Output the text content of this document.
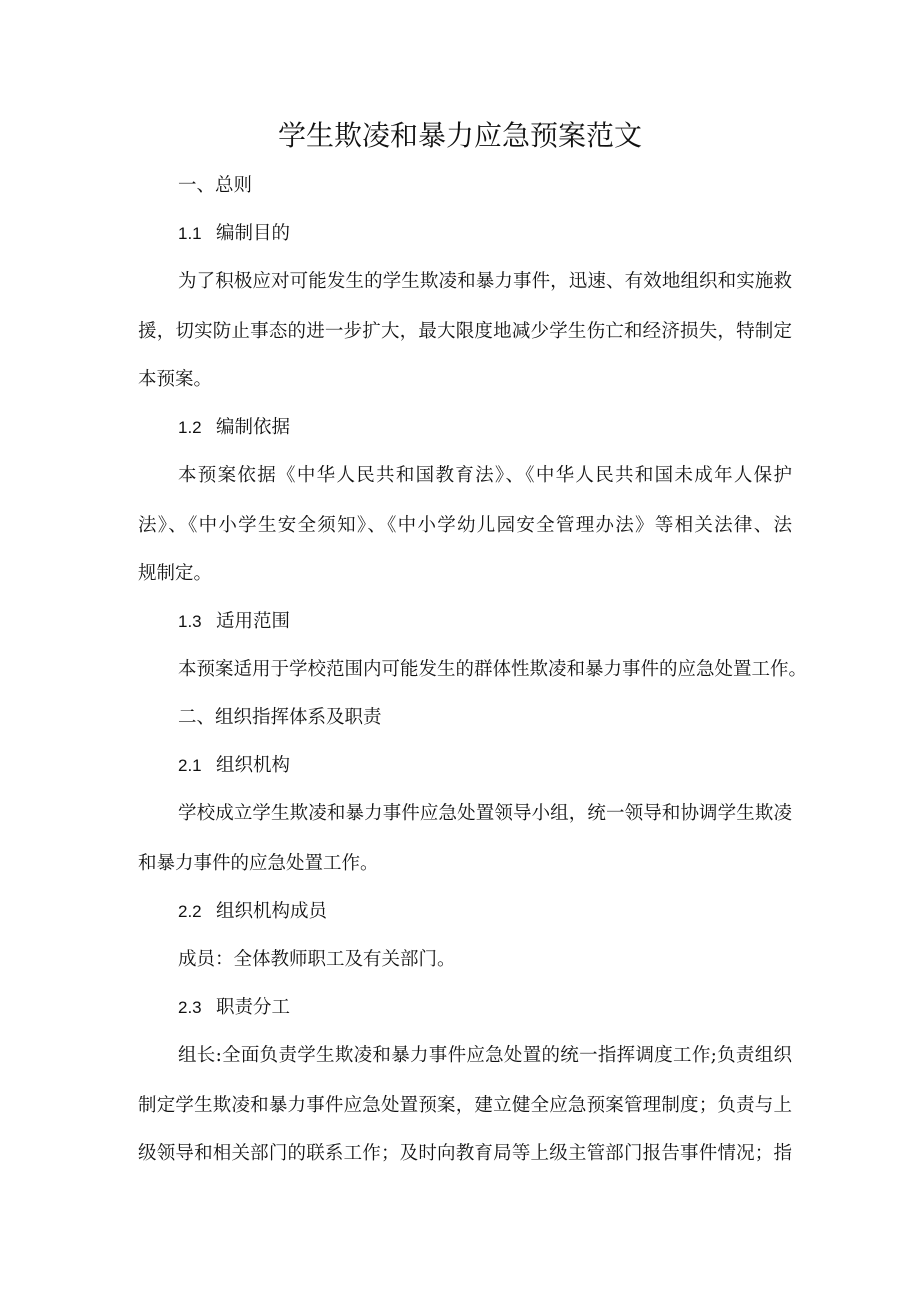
学生欺凌和暴力应急预案范文
一、总则
1.1 编制目的
为了积极应对可能发生的学生欺凌和暴力事件，迅速、有效地组织和实施救
援，切实防止事态的进一步扩大，最大限度地减少学生伤亡和经济损失，特制定
本预案。
1.2 编制依据
本预案依据《中华人民共和国教育法》、《中华人民共和国未成年人保护
法》、《中小学生安全须知》、《中小学幼儿园安全管理办法》等相关法律、法
规制定。
1.3 适用范围
本预案适用于学校范围内可能发生的群体性欺凌和暴力事件的应急处置工作。
二、组织指挥体系及职责
2.1 组织机构
学校成立学生欺凌和暴力事件应急处置领导小组，统一领导和协调学生欺凌
和暴力事件的应急处置工作。
2.2 组织机构成员
成员：全体教师职工及有关部门。
2.3 职责分工
组长:全面负责学生欺凌和暴力事件应急处置的统一指挥调度工作;负责组织
制定学生欺凌和暴力事件应急处置预案，建立健全应急预案管理制度；负责与上
级领导和相关部门的联系工作；及时向教育局等上级主管部门报告事件情况；指
